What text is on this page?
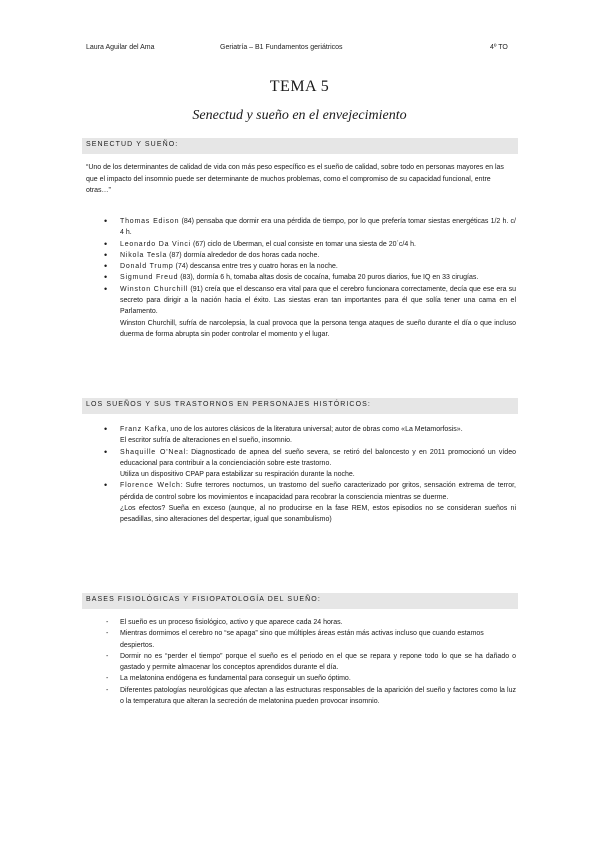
Laura Aguilar del Ama	Geriatría – B1 Fundamentos geriátricos	4º TO
TEMA 5
Senectud y sueño en el envejecimiento
SENECTUD Y SUEÑO:
“Uno de los determinantes de calidad de vida con más peso específico es el sueño de calidad, sobre todo en personas mayores en las que el impacto del insomnio puede ser determinante de muchos problemas, como el compromiso de su capacidad funcional, entre otras…”
• Thomas Edison (84) pensaba que dormir era una pérdida de tiempo, por lo que prefería tomar siestas energéticas 1/2 h. c/ 4 h.
• Leonardo Da Vinci (67) ciclo de Uberman, el cual consiste en tomar una siesta de 20´c/4 h.
• Nikola Tesla (87) dormía alrededor de dos horas cada noche.
• Donald Trump (74) descansa entre tres y cuatro horas en la noche.
• Sigmund Freud (83), dormía 6 h, tomaba altas dosis de cocaína, fumaba 20 puros diarios, fue IQ en 33 cirugías.
• Winston Churchill (91) creía que el descanso era vital para que el cerebro funcionara correctamente, decía que ese era su secreto para dirigir a la nación hacia el éxito. Las siestas eran tan importantes para él que solía tener una cama en el Parlamento.
Winston Churchill, sufría de narcolepsia, la cual provoca que la persona tenga ataques de sueño durante el día o que incluso duerma de forma abrupta sin poder controlar el momento y el lugar.
LOS SUEÑOS Y SUS TRASTORNOS EN PERSONAJES HISTÓRICOS:
• Franz Kafka, uno de los autores clásicos de la literatura universal; autor de obras como «La Metamorfosis».
El escritor sufría de alteraciones en el sueño, insomnio.
• Shaquille O'Neal: Diagnosticado de apnea del sueño severa, se retiró del baloncesto y en 2011 promocionó un vídeo educacional para contribuir a la concienciación sobre este trastorno.
Utiliza un dispositivo CPAP para estabilizar su respiración durante la noche.
• Florence Welch: Sufre terrores nocturnos, un trastorno del sueño caracterizado por gritos, sensación extrema de terror, pérdida de control sobre los movimientos e incapacidad para recobrar la consciencia mientras se duerme.
¿Los efectos? Sueña en exceso (aunque, al no producirse en la fase REM, estos episodios no se consideran sueños ni pesadillas, sino alteraciones del despertar, igual que sonambulismo)
BASES FISIOLÓGICAS Y FISIOPATOLOGÍA DEL SUEÑO:
- El sueño es un proceso fisiológico, activo y que aparece cada 24 horas.
- Mientras dormimos el cerebro no “se apaga” sino que múltiples áreas están más activas incluso que cuando estamos despiertos.
- Dormir no es “perder el tiempo” porque el sueño es el periodo en el que se repara y repone todo lo que se ha dañado o gastado y permite almacenar los conceptos aprendidos durante el día.
- La melatonina endógena es fundamental para conseguir un sueño óptimo.
- Diferentes patologías neurológicas que afectan a las estructuras responsables de la aparición del sueño y factores como la luz o la temperatura que alteran la secreción de melatonina pueden provocar insomnio.
